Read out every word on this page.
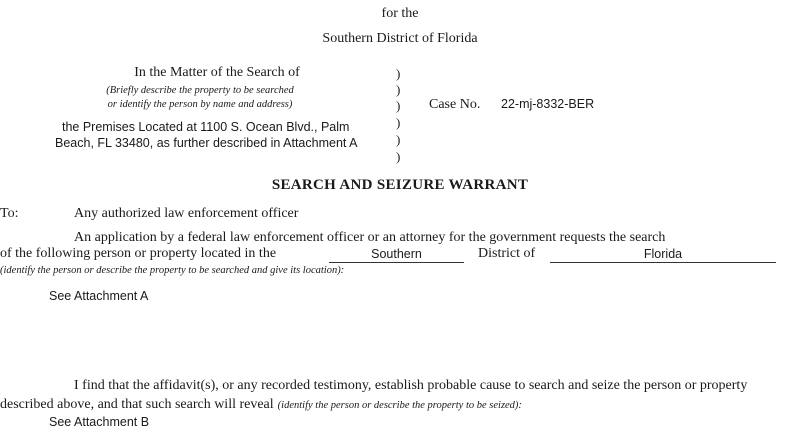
for the
Southern District of Florida
In the Matter of the Search of
(Briefly describe the property to be searched
or identify the person by name and address)
the Premises Located at 1100 S. Ocean Blvd., Palm
Beach, FL 33480, as further described in Attachment A
)
)
)
)
)
)
Case No. 22-mj-8332-BER
SEARCH AND SEIZURE WARRANT
To:	Any authorized law enforcement officer
An application by a federal law enforcement officer or an attorney for the government requests the search
of the following person or property located in the	Southern	District of	Florida
(identify the person or describe the property to be searched and give its location):
See Attachment A
I find that the affidavit(s), or any recorded testimony, establish probable cause to search and seize the person or property
described above, and that such search will reveal (identify the person or describe the property to be seized):
See Attachment B
